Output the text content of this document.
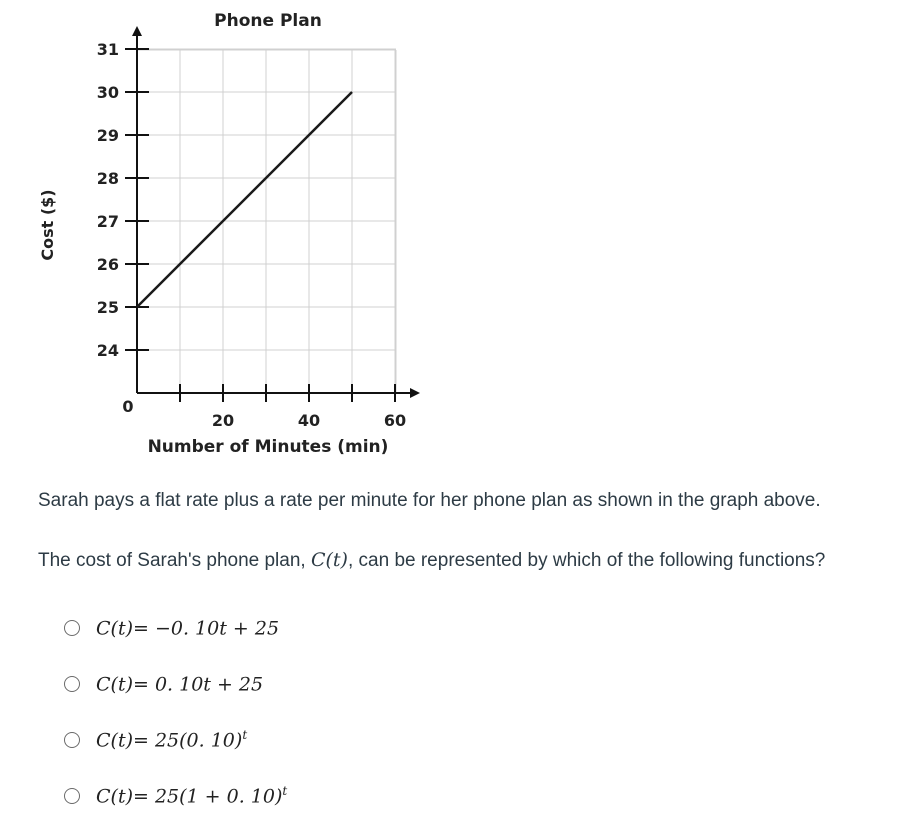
24
25
26
27
28
29
30
31
20	40	60
0
Phone Plan
Number of Minutes (min)
Cost ($)
Sarah pays a flat rate plus a rate per minute for her phone plan as shown in the graph above.
The cost of Sarah's phone plan, C(t), can be represented by which of the following functions?
C(t)= −0. 10t + 25
C(t)= 0. 10t + 25
C(t)= 25(0. 10)$^t$
C(t)= 25(1 + 0. 10)$^t$
